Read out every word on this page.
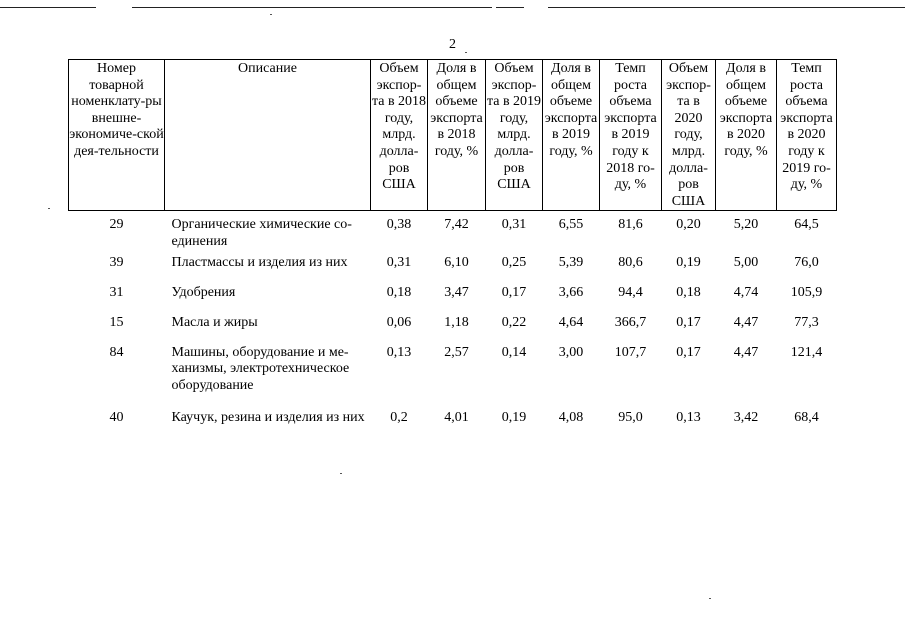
2
Номер товарной номенклату-ры внешне-экономиче-ской дея-тельности	Описание	Объем экспор-та в 2018 году, млрд. долла-ров США	Доля в общем объеме экспорта в 2018 году, %	Объем экспор-та в 2019 году, млрд. долла-ров США	Доля в общем объеме экспорта в 2019 году, %	Темп роста объема экспорта в 2019 году к 2018 го-ду, %	Объем экспор-та в 2020 году, млрд. долла-ров США	Доля в общем объеме экспорта в 2020 году, %	Темп роста объема экспорта в 2020 году к 2019 го-ду, %
29	Органические химические со-единения	0,38	7,42	0,31	6,55	81,6	0,20	5,20	64,5
39	Пластмассы и изделия из них	0,31	6,10	0,25	5,39	80,6	0,19	5,00	76,0
31	Удобрения	0,18	3,47	0,17	3,66	94,4	0,18	4,74	105,9
15	Масла и жиры	0,06	1,18	0,22	4,64	366,7	0,17	4,47	77,3
84	Машины, оборудование и ме-ханизмы, электротехническое оборудование	0,13	2,57	0,14	3,00	107,7	0,17	4,47	121,4
40	Каучук, резина и изделия из них	0,2	4,01	0,19	4,08	95,0	0,13	3,42	68,4
